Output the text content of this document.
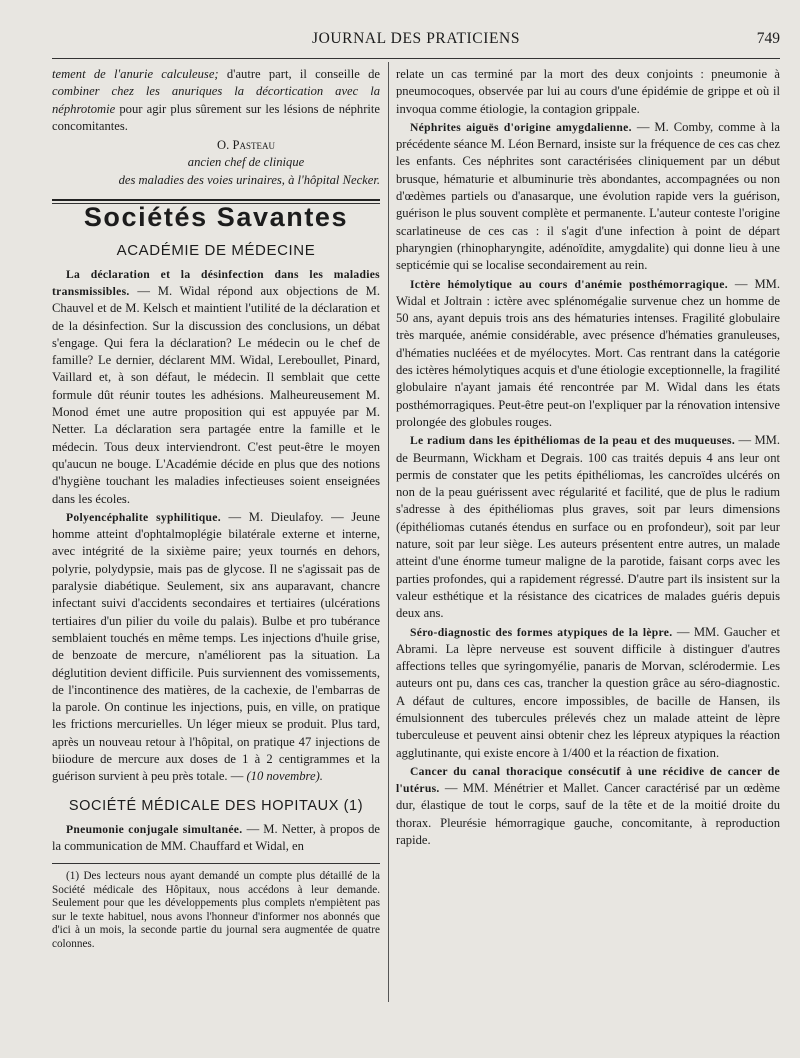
JOURNAL DES PRATICIENS	749

tement de l'anurie calculeuse; d'autre part, il conseille de combiner chez les anuriques la décortication avec la néphrotomie pour agir plus sûrement sur les lésions de néphrite concomitantes.

O. Pasteau
ancien chef de clinique
des maladies des voies urinaires, à l'hôpital Necker.
Sociétés Savantes
ACADÉMIE DE MÉDECINE

La déclaration et la désinfection dans les maladies transmissibles. — M. Widal répond aux objections de M. Chauvel et de M. Kelsch et maintient l'utilité de la déclaration et de la désinfection. Sur la discussion des conclusions, un débat s'engage. Qui fera la déclaration? Le médecin ou le chef de famille? Le dernier, déclarent MM. Widal, Lereboullet, Pinard, Vaillard et, à son défaut, le médecin. Il semblait que cette formule dût réunir toutes les adhésions. Malheureusement M. Monod émet une autre proposition qui est appuyée par M. Netter. La déclaration sera partagée entre la famille et le médecin. Tous deux interviendront. C'est peut-être le moyen qu'aucun ne bouge. L'Académie décide en plus que des notions d'hygiène touchant les maladies infectieuses soient enseignées dans les écoles.

Polyencéphalite syphilitique. — M. Dieulafoy. — Jeune homme atteint d'ophtalmoplégie bilatérale externe et interne, avec intégrité de la sixième paire; yeux tournés en dehors, polyrie, polydypsie, mais pas de glycose. Il ne s'agissait pas de paralysie diabétique. Seulement, six ans auparavant, chancre infectant suivi d'accidents secondaires et tertiaires (ulcérations tertiaires d'un pilier du voile du palais). Bulbe et pro tubérance semblaient touchés en même temps. Les injections d'huile grise, de benzoate de mercure, n'améliorent pas la situation. La déglutition devient difficile. Puis surviennent des vomissements, de l'incontinence des matières, de la cachexie, de l'embarras de la parole. On continue les injections, puis, en ville, on pratique les frictions mercurielles. Un léger mieux se produit. Plus tard, après un nouveau retour à l'hôpital, on pratique 47 injections de biiodure de mercure aux doses de 1 à 2 centigrammes et la guérison survient à peu près totale. — (10 novembre).

SOCIÉTÉ MÉDICALE DES HOPITAUX (1)

Pneumonie conjugale simultanée. — M. Netter, à propos de la communication de MM. Chauffard et Widal, en

(1) Des lecteurs nous ayant demandé un compte plus détaillé de la Société médicale des Hôpitaux, nous accédons à leur demande. Seulement pour que les développements plus complets n'empiètent pas sur le texte habituel, nous avons l'honneur d'informer nos abonnés que d'ici à un mois, la seconde partie du journal sera augmentée de quatre colonnes.

relate un cas terminé par la mort des deux conjoints : pneumonie à pneumocoques, observée par lui au cours d'une épidémie de grippe et où il invoqua comme étiologie, la contagion grippale.

Néphrites aiguës d'origine amygdalienne. — M. Comby, comme à la précédente séance M. Léon Bernard, insiste sur la fréquence de ces cas chez les enfants. Ces néphrites sont caractérisées cliniquement par un début brusque, hématurie et albuminurie très abondantes, accompagnées ou non d'œdèmes partiels ou d'anasarque, une évolution rapide vers la guérison, guérison le plus souvent complète et permanente. L'auteur conteste l'origine scarlatineuse de ces cas : il s'agit d'une infection à point de départ pharyngien (rhinopharyngite, adénoïdite, amygdalite) qui donne lieu à une septicémie qui se localise secondairement au rein.

Ictère hémolytique au cours d'anémie posthémorragique. — MM. Widal et Joltrain : ictère avec splénomégalie survenue chez un homme de 50 ans, ayant depuis trois ans des hématuries intenses. Fragilité globulaire très marquée, anémie considérable, avec présence d'hématies granuleuses, d'hématies nucléées et de myélocytes. Mort. Cas rentrant dans la catégorie des ictères hémolytiques acquis et d'une étiologie exceptionnelle, la fragilité globulaire n'ayant jamais été rencontrée par M. Widal dans les états posthémorragiques. Peut-être peut-on l'expliquer par la rénovation intensive prolongée des globules rouges.

Le radium dans les épithéliomas de la peau et des muqueuses. — MM. de Beurmann, Wickham et Degrais. 100 cas traités depuis 4 ans leur ont permis de constater que les petits épithéliomas, les cancroïdes ulcérés on non de la peau guérissent avec régularité et facilité, que de plus le radium s'adresse à des épithéliomas plus graves, soit par leurs dimensions (épithéliomas cutanés étendus en surface ou en profondeur), soit par leur nature, soit par leur siège. Les auteurs présentent entre autres, un malade atteint d'une énorme tumeur maligne de la parotide, faisant corps avec les parties profondes, qui a rapidement régressé. D'autre part ils insistent sur la valeur esthétique et la résistance des cicatrices de malades guéris depuis deux ans.

Séro-diagnostic des formes atypiques de la lèpre. — MM. Gaucher et Abrami. La lèpre nerveuse est souvent difficile à distinguer d'autres affections telles que syringomyélie, panaris de Morvan, sclérodermie. Les auteurs ont pu, dans ces cas, trancher la question grâce au séro-diagnostic. A défaut de cultures, encore impossibles, de bacille de Hansen, ils émulsionnent des tubercules prélevés chez un malade atteint de lèpre tuberculeuse et peuvent ainsi obtenir chez les lépreux atypiques la réaction agglutinante, qui existe encore à 1/400 et la réaction de fixation.

Cancer du canal thoracique consécutif à une récidive de cancer de l'utérus. — MM. Ménétrier et Mallet. Cancer caractérisé par un œdème dur, élastique de tout le corps, sauf de la tête et de la moitié droite du thorax. Pleurésie hémorragique gauche, concomitante, à reproduction rapide.
